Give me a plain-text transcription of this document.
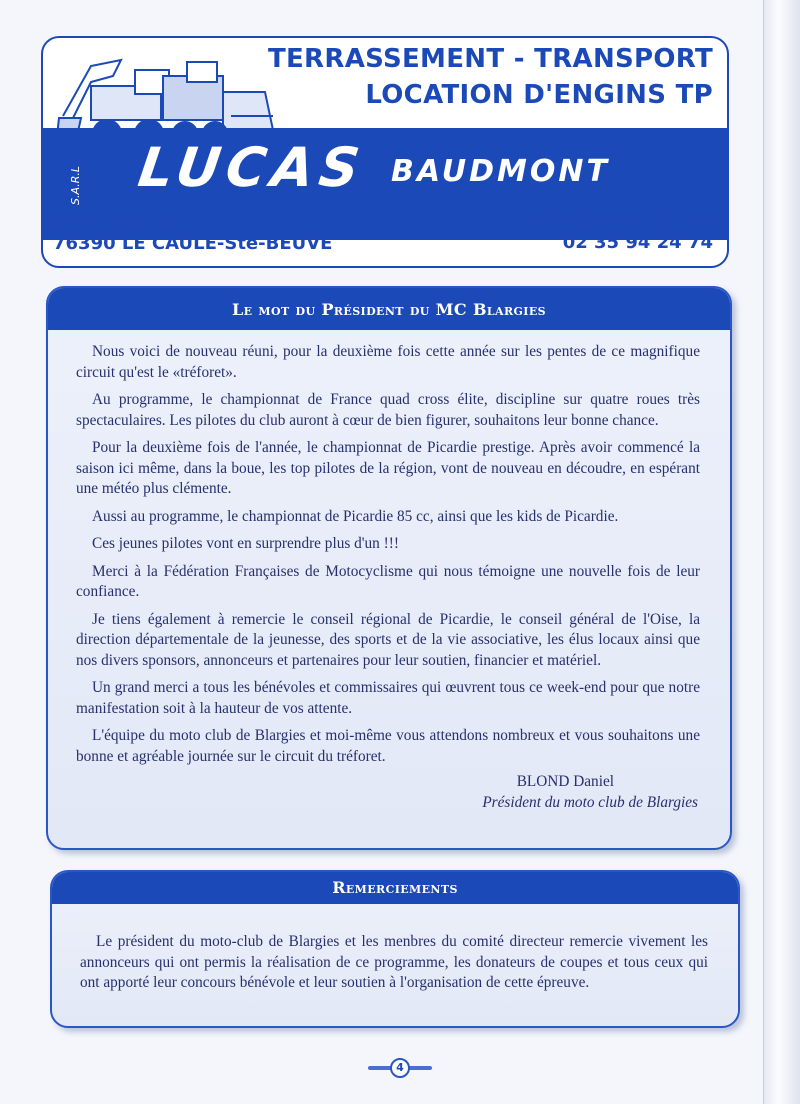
TERRASSEMENT - TRANSPORT
LOCATION D'ENGINS TP
S.A.R.L LUCAS BAUDMONT
L'AVENTURE
76390 LE CAULE-Ste-BEUVE
Tél. 03 44 04 88 41
02 35 94 24 74
Le mot du Président du MC Blargies

Nous voici de nouveau réuni, pour la deuxième fois cette année sur les pentes de ce magnifique circuit qu'est le «tréforet».

Au programme, le championnat de France quad cross élite, discipline sur quatre roues très spectaculaires. Les pilotes du club auront à cœur de bien figurer, souhaitons leur bonne chance.

Pour la deuxième fois de l'année, le championnat de Picardie prestige. Après avoir commencé la saison ici même, dans la boue, les top pilotes de la région, vont de nouveau en découdre, en espérant une météo plus clémente.

Aussi au programme, le championnat de Picardie 85 cc, ainsi que les kids de Picardie.

Ces jeunes pilotes vont en surprendre plus d'un !!!

Merci à la Fédération Françaises de Motocyclisme qui nous témoigne une nouvelle fois de leur confiance.

Je tiens également à remercie le conseil régional de Picardie, le conseil général de l'Oise, la direction départementale de la jeunesse, des sports et de la vie associative, les élus locaux ainsi que nos divers sponsors, annonceurs et partenaires pour leur soutien, financier et matériel.

Un grand merci a tous les bénévoles et commissaires qui œuvrent tous ce week-end pour que notre manifestation soit à la hauteur de vos attente.

L'équipe du moto club de Blargies et moi-même vous attendons nombreux et vous souhaitons une bonne et agréable journée sur le circuit du tréforet.

BLOND Daniel
Président du moto club de Blargies
Remerciements

Le président du moto-club de Blargies et les menbres du comité directeur remercie vivement les annonceurs qui ont permis la réalisation de ce programme, les donateurs de coupes et tous ceux qui ont apporté leur concours bénévole et leur soutien à l'organisation de cette épreuve.

4
